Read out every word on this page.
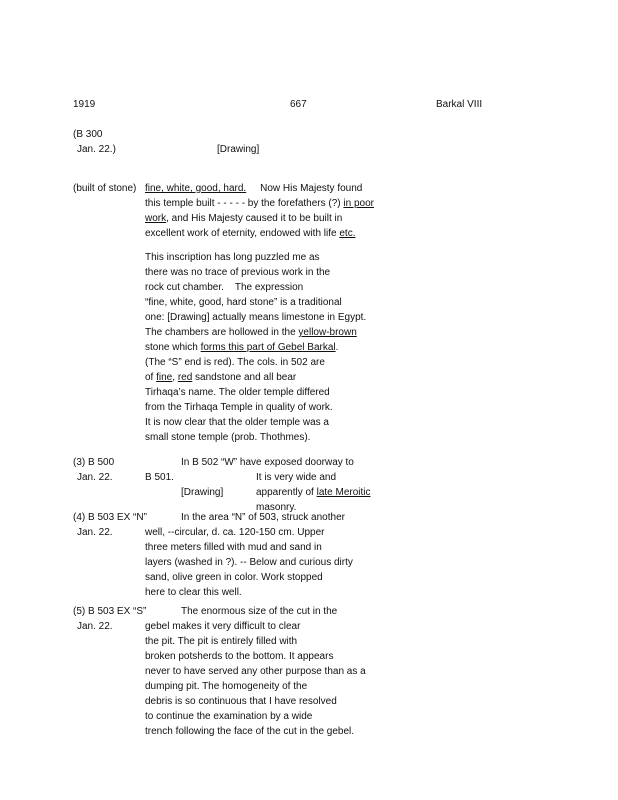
1919	667	Barkal VIII
(B 300
Jan. 22.)	[Drawing]
(built of stone) fine, white, good, hard. Now His Majesty found
this temple built - - - - - by the forefathers (?) in poor
work, and His Majesty caused it to be built in
excellent work of eternity, endowed with life etc.
This inscription has long puzzled me as
there was no trace of previous work in the
rock cut chamber.    The expression
“fine, white, good, hard stone” is a traditional
one: [Drawing] actually means limestone in Egypt.
The chambers are hollowed in the yellow-brown
stone which forms this part of Gebel Barkal.
(The “S” end is red). The cols. in 502 are
of fine, red sandstone and all bear
Tirhaqa’s name. The older temple differed
from the Tirhaqa Temple in quality of work.
It is now clear that the older temple was a
small stone temple (prob. Thothmes).
(3) B 500
Jan. 22.
In B 502 “W” have exposed doorway to
B 501.	It is very wide and
[Drawing]	apparently of late Meroitic
masonry.
(4) B 503 EX “N”
Jan. 22.
In the area “N” of 503, struck another
well, --circular, d. ca. 120-150 cm. Upper
three meters filled with mud and sand in
layers (washed in ?). -- Below and curious dirty
sand, olive green in color. Work stopped
here to clear this well.
(5) B 503 EX “S”
Jan. 22.
The enormous size of the cut in the
gebel makes it very difficult to clear
the pit. The pit is entirely filled with
broken potsherds to the bottom. It appears
never to have served any other purpose than as a
dumping pit. The homogeneity of the
debris is so continuous that I have resolved
to continue the examination by a wide
trench following the face of the cut in the gebel.
